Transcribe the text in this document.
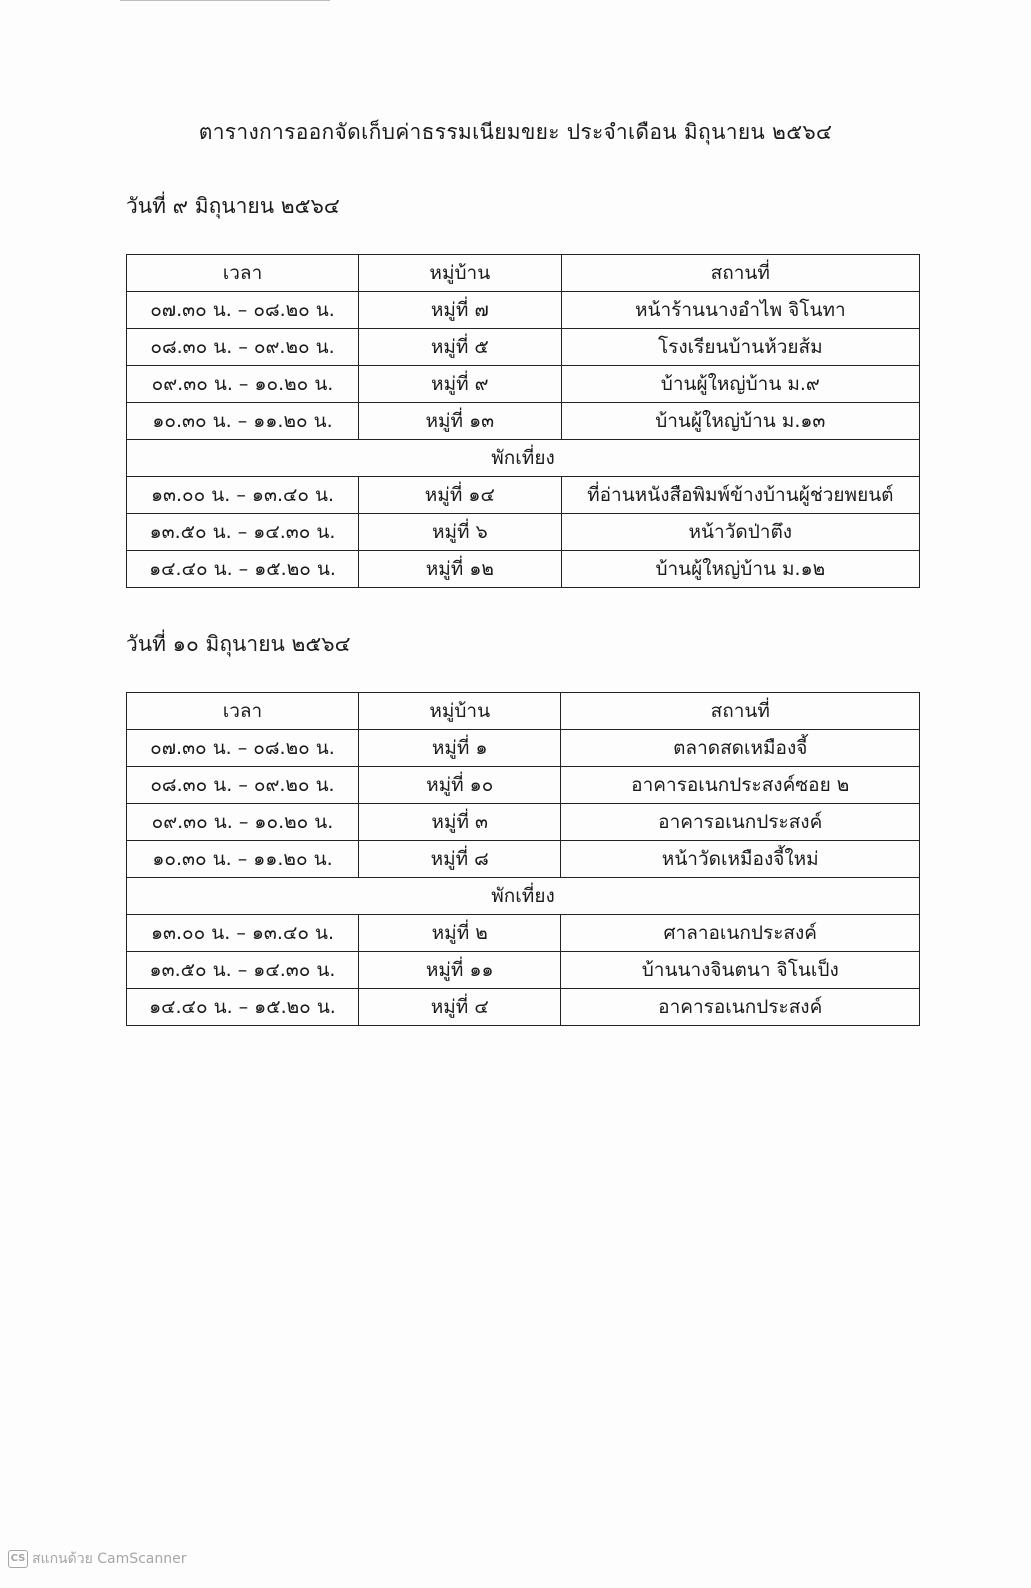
ตารางการออกจัดเก็บค่าธรรมเนียมขยะ ประจำเดือน มิถุนายน ๒๕๖๔
วันที่ ๙ มิถุนายน ๒๕๖๔
เวลา	หมู่บ้าน	สถานที่
๐๗.๓๐ น. – ๐๘.๒๐ น.	หมู่ที่ ๗	หน้าร้านนางอำไพ จิโนทา
๐๘.๓๐ น. – ๐๙.๒๐ น.	หมู่ที่ ๕	โรงเรียนบ้านห้วยส้ม
๐๙.๓๐ น. – ๑๐.๒๐ น.	หมู่ที่ ๙	บ้านผู้ใหญ่บ้าน ม.๙
๑๐.๓๐ น. – ๑๑.๒๐ น.	หมู่ที่ ๑๓	บ้านผู้ใหญ่บ้าน ม.๑๓
พักเที่ยง		
๑๓.๐๐ น. – ๑๓.๔๐ น.	หมู่ที่ ๑๔	ที่อ่านหนังสือพิมพ์ข้างบ้านผู้ช่วยพยนต์
๑๓.๕๐ น. – ๑๔.๓๐ น.	หมู่ที่ ๖	หน้าวัดป่าตึง
๑๔.๔๐ น. – ๑๕.๒๐ น.	หมู่ที่ ๑๒	บ้านผู้ใหญ่บ้าน ม.๑๒
วันที่ ๑๐ มิถุนายน ๒๕๖๔
เวลา	หมู่บ้าน	สถานที่
๐๗.๓๐ น. – ๐๘.๒๐ น.	หมู่ที่ ๑	ตลาดสดเหมืองจี้
๐๘.๓๐ น. – ๐๙.๒๐ น.	หมู่ที่ ๑๐	อาคารอเนกประสงค์ซอย ๒
๐๙.๓๐ น. – ๑๐.๒๐ น.	หมู่ที่ ๓	อาคารอเนกประสงค์
๑๐.๓๐ น. – ๑๑.๒๐ น.	หมู่ที่ ๘	หน้าวัดเหมืองจี้ใหม่
พักเที่ยง		
๑๓.๐๐ น. – ๑๓.๔๐ น.	หมู่ที่ ๒	ศาลาอเนกประสงค์
๑๓.๕๐ น. – ๑๔.๓๐ น.	หมู่ที่ ๑๑	บ้านนางจินตนา จิโนเป็ง
๑๔.๔๐ น. – ๑๕.๒๐ น.	หมู่ที่ ๔	อาคารอเนกประสงค์
CS สแกนด้วย CamScanner
